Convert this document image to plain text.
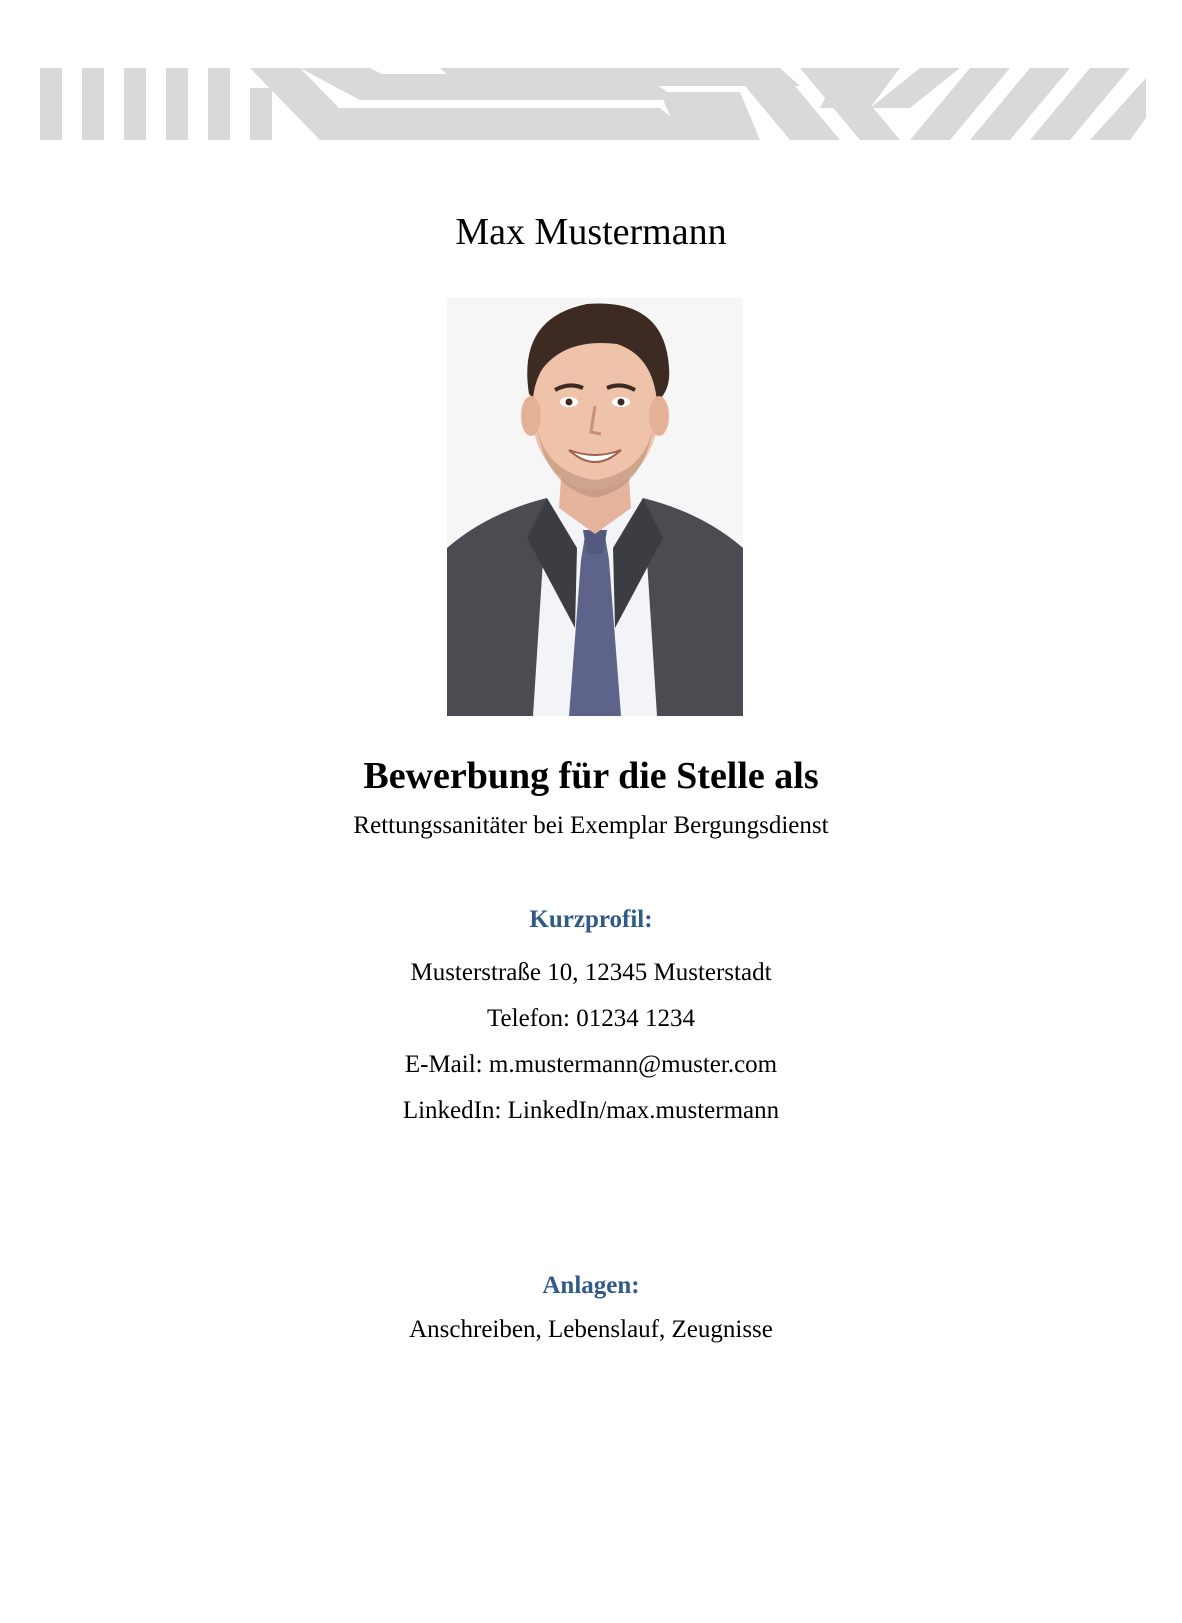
Max Mustermann
Bewerbung für die Stelle als
Rettungssanitäter bei Exemplar Bergungsdienst
Kurzprofil:
Musterstraße 10, 12345 Musterstadt
Telefon: 01234 1234
E-Mail: m.mustermann@muster.com
LinkedIn: LinkedIn/max.mustermann
Anlagen:
Anschreiben, Lebenslauf, Zeugnisse
